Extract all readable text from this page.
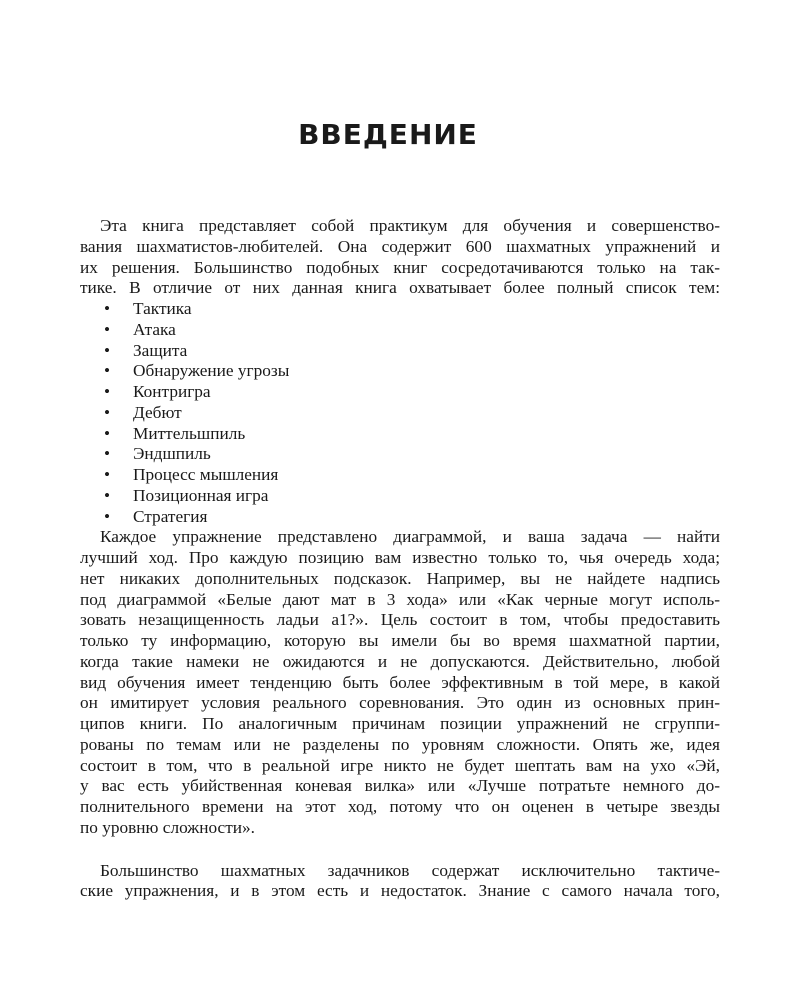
ВВЕДЕНИЕ
Эта книга представляет собой практикум для обучения и совершенство-
вания шахматистов-любителей. Она содержит 600 шахматных упражнений и
их решения. Большинство подобных книг сосредотачиваются только на так-
тике. В отличие от них данная книга охватывает более полный список тем:
• Тактика
• Атака
• Защита
• Обнаружение угрозы
• Контригра
• Дебют
• Миттельшпиль
• Эндшпиль
• Процесс мышления
• Позиционная игра
• Стратегия
Каждое упражнение представлено диаграммой, и ваша задача — найти
лучший ход. Про каждую позицию вам известно только то, чья очередь хода;
нет никаких дополнительных подсказок. Например, вы не найдете надпись
под диаграммой «Белые дают мат в 3 хода» или «Как черные могут исполь-
зовать незащищенность ладьи a1?». Цель состоит в том, чтобы предоставить
только ту информацию, которую вы имели бы во время шахматной партии,
когда такие намеки не ожидаются и не допускаются. Действительно, любой
вид обучения имеет тенденцию быть более эффективным в той мере, в какой
он имитирует условия реального соревнования. Это один из основных прин-
ципов книги. По аналогичным причинам позиции упражнений не сгруппи-
рованы по темам или не разделены по уровням сложности. Опять же, идея
состоит в том, что в реальной игре никто не будет шептать вам на ухо «Эй,
у вас есть убийственная коневая вилка» или «Лучше потратьте немного до-
полнительного времени на этот ход, потому что он оценен в четыре звезды
по уровню сложности».
Большинство шахматных задачников содержат исключительно тактиче-
ские упражнения, и в этом есть и недостаток. Знание с самого начала того,
